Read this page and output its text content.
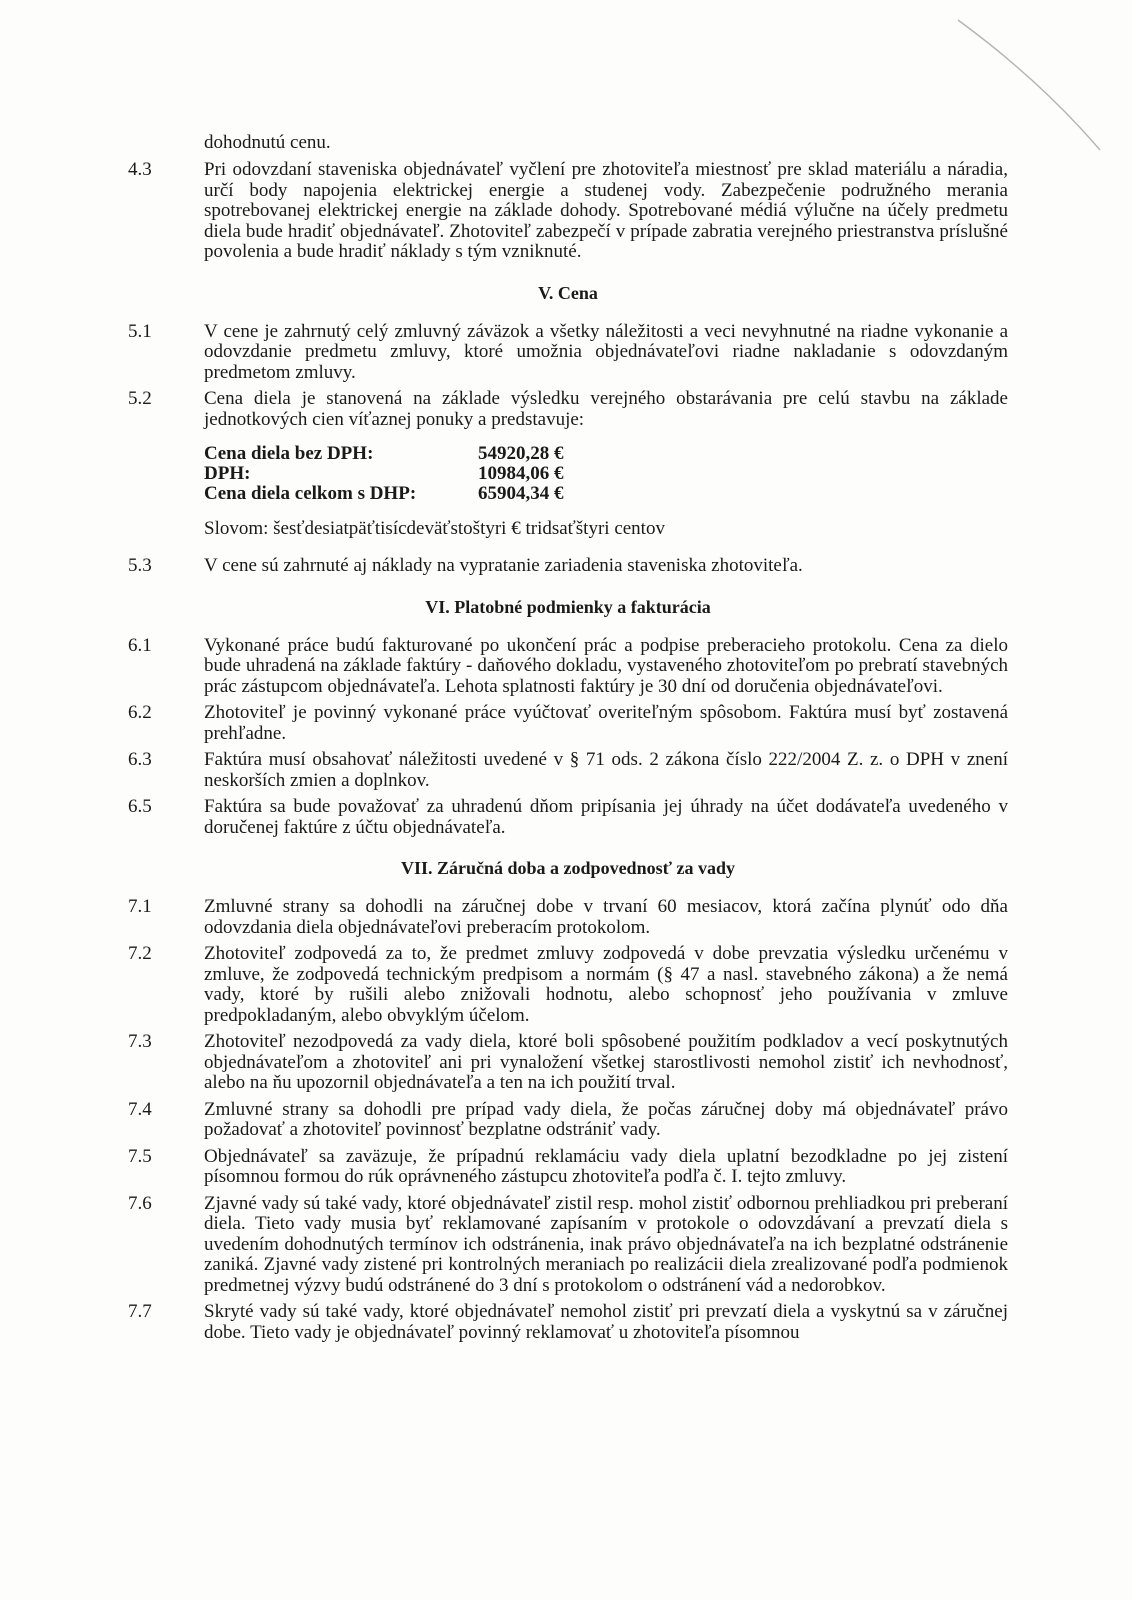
dohodnutú cenu.
4.3	Pri odovzdaní staveniska objednávateľ vyčlení pre zhotoviteľa miestnosť pre sklad materiálu a náradia, určí body napojenia elektrickej energie a studenej vody. Zabezpečenie podružného merania spotrebovanej elektrickej energie na základe dohody. Spotrebované médiá výlučne na účely predmetu diela bude hradiť objednávateľ. Zhotoviteľ zabezpečí v prípade zabratia verejného priestranstva príslušné povolenia a bude hradiť náklady s tým vzniknuté.
V. Cena
5.1	V cene je zahrnutý celý zmluvný záväzok a všetky náležitosti a veci nevyhnutné na riadne vykonanie a odovzdanie predmetu zmluvy, ktoré umožnia objednávateľovi riadne nakladanie s odovzdaným predmetom zmluvy.
5.2	Cena diela je stanovená na základe výsledku verejného obstarávania pre celú stavbu na základe jednotkových cien víťaznej ponuky a predstavuje:
Cena diela bez DPH:	54920,28 €
DPH:	10984,06 €
Cena diela celkom s DHP:	65904,34 €
Slovom: šesťdesiatpäťtisícdeväťstoštyri € tridsaťštyri centov
5.3	V cene sú zahrnuté aj náklady na vypratanie zariadenia staveniska zhotoviteľa.
VI. Platobné podmienky a fakturácia
6.1	Vykonané práce budú fakturované po ukončení prác a podpise preberacieho protokolu. Cena za dielo bude uhradená na základe faktúry - daňového dokladu, vystaveného zhotoviteľom po prebratí stavebných prác zástupcom objednávateľa. Lehota splatnosti faktúry je 30 dní od doručenia objednávateľovi.
6.2	Zhotoviteľ je povinný vykonané práce vyúčtovať overiteľným spôsobom. Faktúra musí byť zostavená prehľadne.
6.3	Faktúra musí obsahovať náležitosti uvedené v § 71 ods. 2 zákona číslo 222/2004 Z. z. o DPH v znení neskorších zmien a doplnkov.
6.5	Faktúra sa bude považovať za uhradenú dňom pripísania jej úhrady na účet dodávateľa uvedeného v doručenej faktúre z účtu objednávateľa.
VII. Záručná doba a zodpovednosť za vady
7.1	Zmluvné strany sa dohodli na záručnej dobe v trvaní 60 mesiacov, ktorá začína plynúť odo dňa odovzdania diela objednávateľovi preberacím protokolom.
7.2	Zhotoviteľ zodpovedá za to, že predmet zmluvy zodpovedá v dobe prevzatia výsledku určenému v zmluve, že zodpovedá technickým predpisom a normám (§ 47 a nasl. stavebného zákona) a že nemá vady, ktoré by rušili alebo znižovali hodnotu, alebo schopnosť jeho používania v zmluve predpokladaným, alebo obvyklým účelom.
7.3	Zhotoviteľ nezodpovedá za vady diela, ktoré boli spôsobené použitím podkladov a vecí poskytnutých objednávateľom a zhotoviteľ ani pri vynaložení všetkej starostlivosti nemohol zistiť ich nevhodnosť, alebo na ňu upozornil objednávateľa a ten na ich použití trval.
7.4	Zmluvné strany sa dohodli pre prípad vady diela, že počas záručnej doby má objednávateľ právo požadovať a zhotoviteľ povinnosť bezplatne odstrániť vady.
7.5	Objednávateľ sa zaväzuje, že prípadnú reklamáciu vady diela uplatní bezodkladne po jej zistení písomnou formou do rúk oprávneného zástupcu zhotoviteľa podľa č. I. tejto zmluvy.
7.6	Zjavné vady sú také vady, ktoré objednávateľ zistil resp. mohol zistiť odbornou prehliadkou pri preberaní diela. Tieto vady musia byť reklamované zapísaním v protokole o odovzdávaní a prevzatí diela s uvedením dohodnutých termínov ich odstránenia, inak právo objednávateľa na ich bezplatné odstránenie zaniká. Zjavné vady zistené pri kontrolných meraniach po realizácii diela zrealizované podľa podmienok predmetnej výzvy budú odstránené do 3 dní s protokolom o odstránení vád a nedorobkov.
7.7	Skryté vady sú také vady, ktoré objednávateľ nemohol zistiť pri prevzatí diela a vyskytnú sa v záručnej dobe. Tieto vady je objednávateľ povinný reklamovať u zhotoviteľa písomnou
